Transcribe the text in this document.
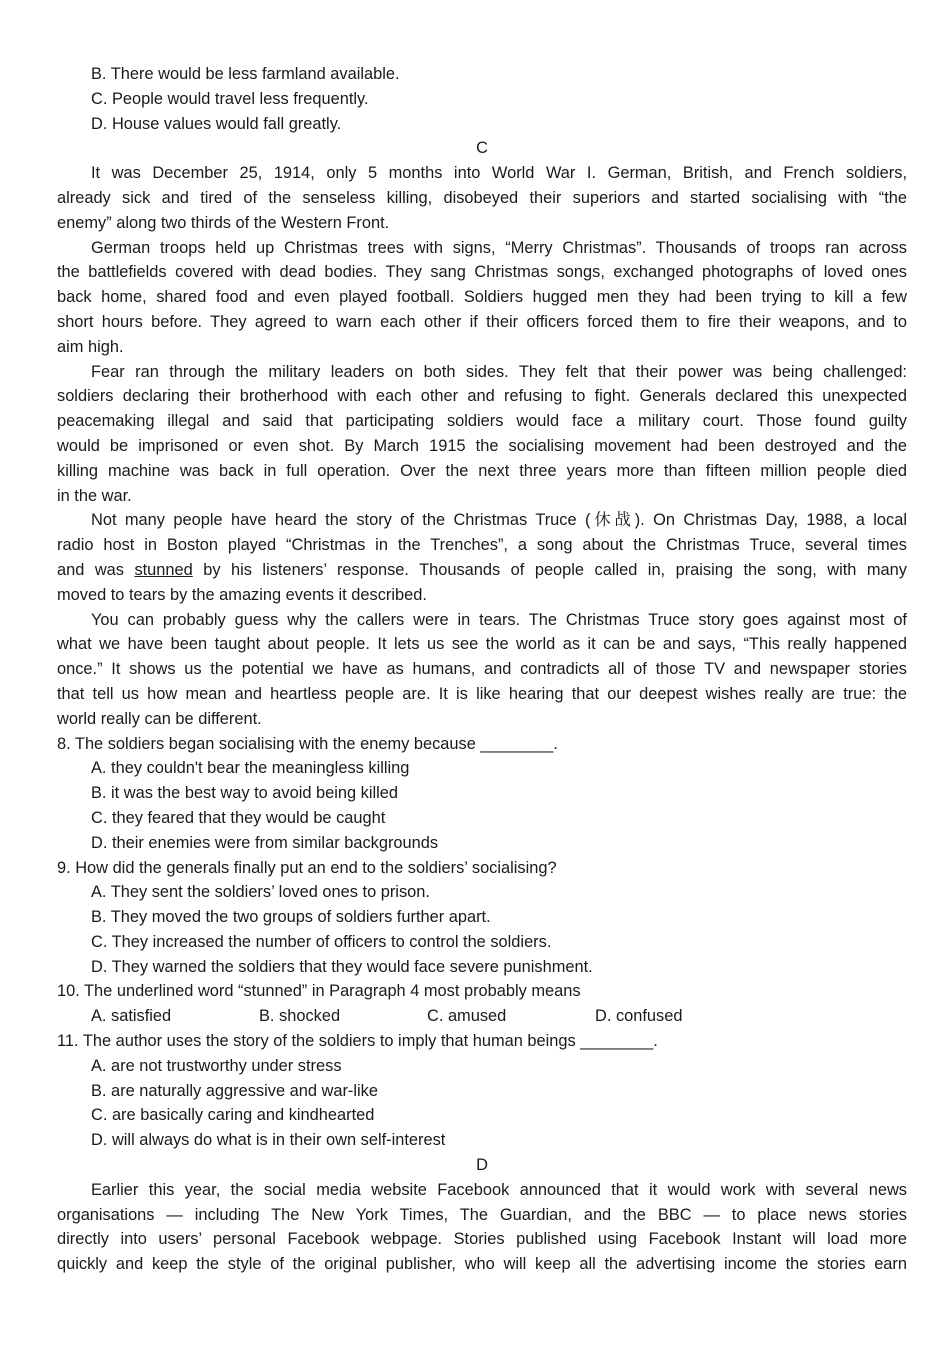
B. There would be less farmland available.
C. People would travel less frequently.
D. House values would fall greatly.
C
It was December 25, 1914, only 5 months into World War I. German, British, and French soldiers,
already sick and tired of the senseless killing, disobeyed their superiors and started socialising with “the
enemy” along two thirds of the Western Front.
German troops held up Christmas trees with signs, “Merry Christmas”. Thousands of troops ran across
the battlefields covered with dead bodies. They sang Christmas songs, exchanged photographs of loved ones
back home, shared food and even played football. Soldiers hugged men they had been trying to kill a few
short hours before. They agreed to warn each other if their officers forced them to fire their weapons, and to
aim high.
Fear ran through the military leaders on both sides. They felt that their power was being challenged:
soldiers declaring their brotherhood with each other and refusing to fight. Generals declared this unexpected
peacemaking illegal and said that participating soldiers would face a military court. Those found guilty
would be imprisoned or even shot. By March 1915 the socialising movement had been destroyed and the
killing machine was back in full operation. Over the next three years more than fifteen million people died
in the war.
Not many people have heard the story of the Christmas Truce (休战). On Christmas Day, 1988, a local
radio host in Boston played “Christmas in the Trenches”, a song about the Christmas Truce, several times
and was stunned by his listeners’ response. Thousands of people called in, praising the song, with many
moved to tears by the amazing events it described.
You can probably guess why the callers were in tears. The Christmas Truce story goes against most of
what we have been taught about people. It lets us see the world as it can be and says, “This really happened
once.” It shows us the potential we have as humans, and contradicts all of those TV and newspaper stories
that tell us how mean and heartless people are. It is like hearing that our deepest wishes really are true: the
world really can be different.
8. The soldiers began socialising with the enemy because ________.
A. they couldn't bear the meaningless killing
B. it was the best way to avoid being killed
C. they feared that they would be caught
D. their enemies were from similar backgrounds
9. How did the generals finally put an end to the soldiers’ socialising?
A. They sent the soldiers’ loved ones to prison.
B. They moved the two groups of soldiers further apart.
C. They increased the number of officers to control the soldiers.
D. They warned the soldiers that they would face severe punishment.
10. The underlined word “stunned” in Paragraph 4 most probably means
A. satisfied	B. shocked	C. amused	D. confused
11. The author uses the story of the soldiers to imply that human beings ________.
A. are not trustworthy under stress
B. are naturally aggressive and war-like
C. are basically caring and kindhearted
D. will always do what is in their own self-interest
D
Earlier this year, the social media website Facebook announced that it would work with several news
organisations — including The New York Times, The Guardian, and the BBC — to place news stories
directly into users’ personal Facebook webpage. Stories published using Facebook Instant will load more
quickly and keep the style of the original publisher, who will keep all the advertising income the stories earn
